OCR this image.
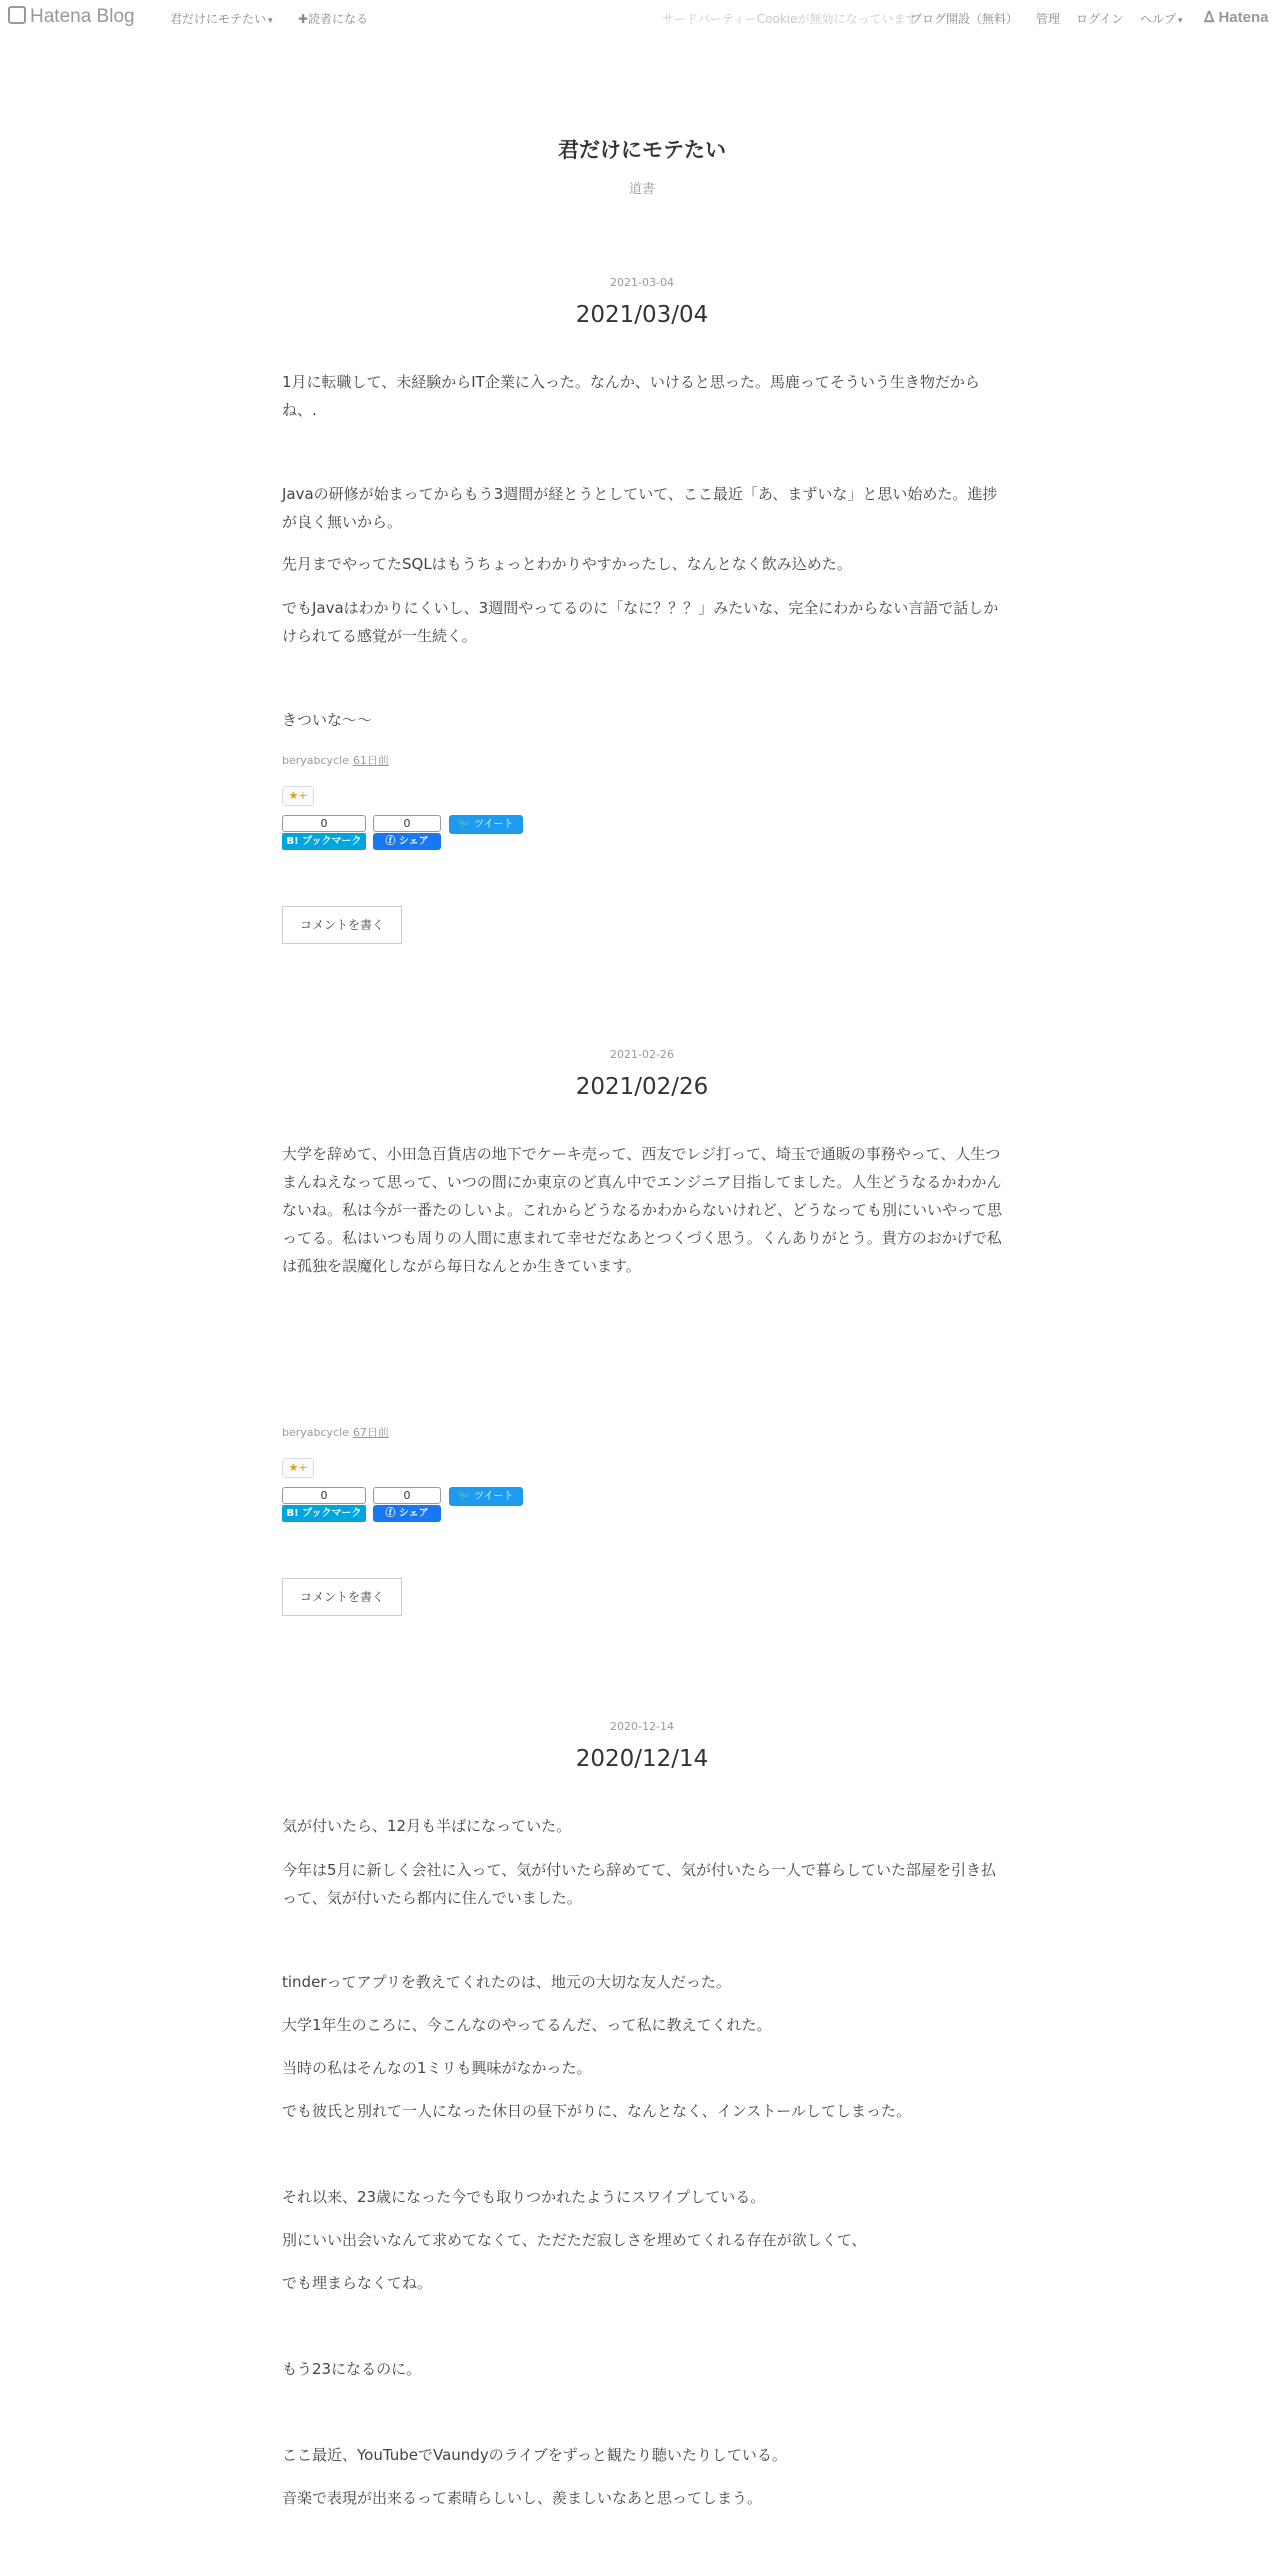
Hatena Blog	君だけにモテたい ▾ ✚読者になる	サードパーティーCookieが無効になっています
ブログ開設（無料） 管理 ログイン ヘルプ ▾ ᐃ Hatena
君だけにモテたい
道書
2021-03-04
2021/03/04

1月に転職して、未経験からIT企業に入った。なんか、いけると思った。馬鹿ってそういう生き物だからね、.

Javaの研修が始まってからもう3週間が経とうとしていて、ここ最近「あ、まずいな」と思い始めた。進捗が良く無いから。

先月までやってたSQLはもうちょっとわかりやすかったし、なんとなく飲み込めた。

でもJavaはわかりにくいし、3週間やってるのに「なに？？？」みたいな、完全にわからない言語で話しかけられてる感覚が一生続く。

きついな〜〜

beryabcycle 61日前
★+
0
B! ブックマーク
0
ⓕ シェア
🐦 ツイート
コメントを書く
2021-02-26
2021/02/26

大学を辞めて、小田急百貨店の地下でケーキ売って、西友でレジ打って、埼玉で通販の事務やって、人生つまんねえなって思って、いつの間にか東京のど真ん中でエンジニア目指してました。人生どうなるかわかんないね。私は今が一番たのしいよ。これからどうなるかわからないけれど、どうなっても別にいいやって思ってる。私はいつも周りの人間に恵まれて幸せだなあとつくづく思う。くんありがとう。貴方のおかげで私は孤独を誤魔化しながら毎日なんとか生きています。

beryabcycle 67日前
★+
0
B! ブックマーク
0
ⓕ シェア
🐦 ツイート
コメントを書く
2020-12-14
2020/12/14

気が付いたら、12月も半ばになっていた。

今年は5月に新しく会社に入って、気が付いたら辞めてて、気が付いたら一人で暮らしていた部屋を引き払って、気が付いたら都内に住んでいました。

tinderってアプリを教えてくれたのは、地元の大切な友人だった。

大学1年生のころに、今こんなのやってるんだ、って私に教えてくれた。

当時の私はそんなの1ミリも興味がなかった。

でも彼氏と別れて一人になった休日の昼下がりに、なんとなく、インストールしてしまった。

それ以来、23歳になった今でも取りつかれたようにスワイプしている。

別にいい出会いなんて求めてなくて、ただただ寂しさを埋めてくれる存在が欲しくて、

でも埋まらなくてね。

もう23になるのに。

ここ最近、YouTubeでVaundyのライブをずっと観たり聴いたりしている。

音楽で表現が出来るって素晴らしいし、羨ましいなあと思ってしまう。
